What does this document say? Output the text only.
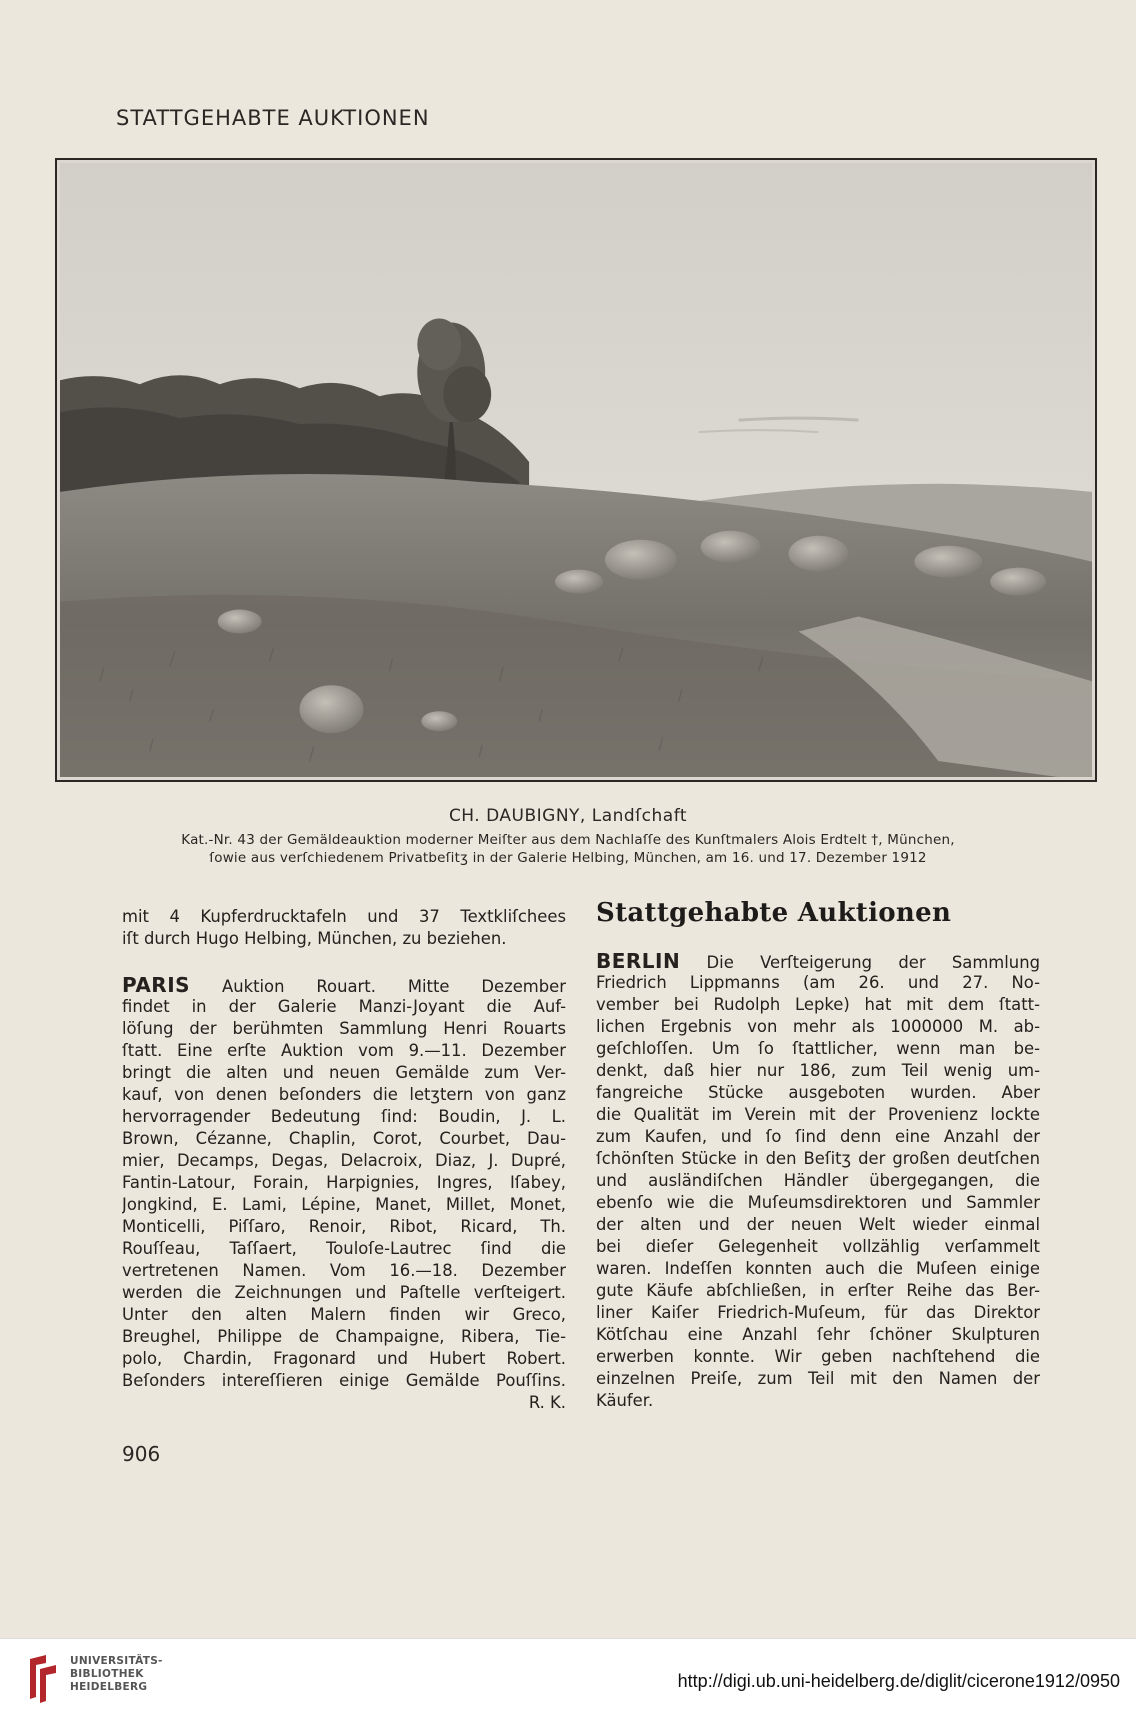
STATTGEHABTE AUKTIONEN
CH. DAUBIGNY, Landſchaft
Kat.-Nr. 43 der Gemäldeauktion moderner Meiſter aus dem Nachlaſſe des Kunſtmalers Alois Erdtelt †, München,
ſowie aus verſchiedenem Privatbeſitʒ in der Galerie Helbing, München, am 16. und 17. Dezember 1912
mit 4 Kupferdrucktafeln und 37 Textkliſchees
iſt durch Hugo Helbing, München, zu beziehen.
PARIS Auktion Rouart. Mitte Dezember
findet in der Galerie Manzi-Joyant die Auf-
löſung der berühmten Sammlung Henri Rouarts
ſtatt. Eine erſte Auktion vom 9.—11. Dezember
bringt die alten und neuen Gemälde zum Ver-
kauf, von denen beſonders die letʒtern von ganz
hervorragender Bedeutung ſind: Boudin, J. L.
Brown, Cézanne, Chaplin, Corot, Courbet, Dau-
mier, Decamps, Degas, Delacroix, Diaz, J. Dupré,
Fantin-Latour, Forain, Harpignies, Ingres, Iſabey,
Jongkind, E. Lami, Lépine, Manet, Millet, Monet,
Monticelli, Piſſaro, Renoir, Ribot, Ricard, Th.
Rouſſeau, Taſſaert, Touloſe-Lautrec ſind die
vertretenen Namen. Vom 16.—18. Dezember
werden die Zeichnungen und Paſtelle verſteigert.
Unter den alten Malern finden wir Greco,
Breughel, Philippe de Champaigne, Ribera, Tie-
polo, Chardin, Fragonard und Hubert Robert.
Beſonders intereſſieren einige Gemälde Pouſſins.
R. K.
Stattgehabte Auktionen
BERLIN Die Verſteigerung der Sammlung
Friedrich Lippmanns (am 26. und 27. No-
vember bei Rudolph Lepke) hat mit dem ſtatt-
lichen Ergebnis von mehr als 1000000 M. ab-
geſchloſſen. Um ſo ſtattlicher, wenn man be-
denkt, daß hier nur 186, zum Teil wenig um-
fangreiche Stücke ausgeboten wurden. Aber
die Qualität im Verein mit der Provenienz lockte
zum Kaufen, und ſo ſind denn eine Anzahl der
ſchönſten Stücke in den Beſitʒ der großen deutſchen
und ausländiſchen Händler übergegangen, die
ebenſo wie die Muſeumsdirektoren und Sammler
der alten und der neuen Welt wieder einmal
bei dieſer Gelegenheit vollzählig verſammelt
waren. Indeſſen konnten auch die Muſeen einige
gute Käufe abſchließen, in erſter Reihe das Ber-
liner Kaiſer Friedrich-Muſeum, für das Direktor
Kötſchau eine Anzahl ſehr ſchöner Skulpturen
erwerben konnte. Wir geben nachſtehend die
einzelnen Preiſe, zum Teil mit den Namen der
Käufer.
906
UNIVERSITÄTS-
BIBLIOTHEK
HEIDELBERG	http://digi.ub.uni-heidelberg.de/diglit/cicerone1912/0950
